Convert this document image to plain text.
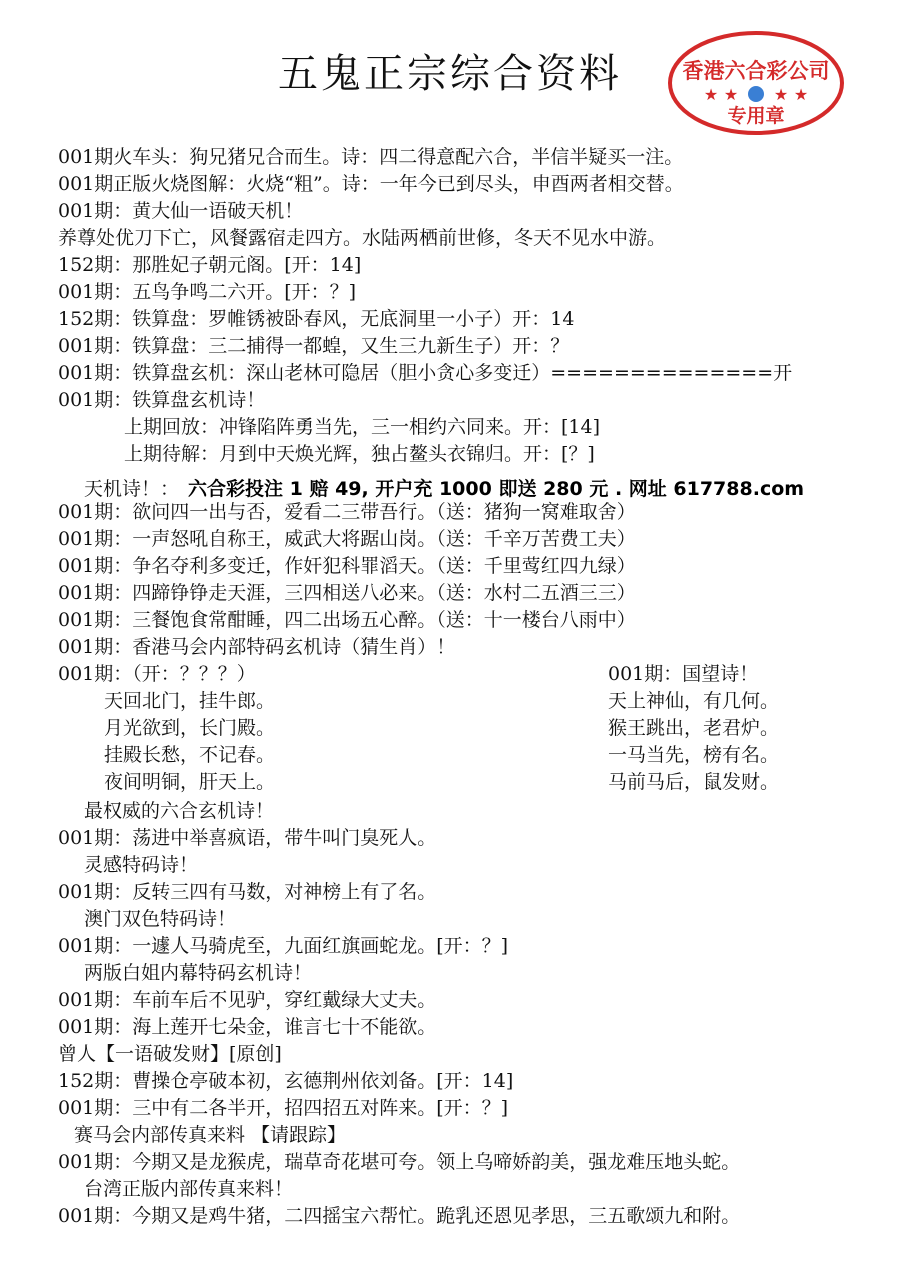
五鬼正宗综合资料	香港六合彩公司
★ ★ ★ ★
专用章
001期火车头：狗兄猪兄合而生。诗：四二得意配六合，半信半疑买一注。
001期正版火烧图解：火烧“粗”。诗：一年今已到尽头，申酉两者相交替。
001期：黄大仙一语破天机！
养尊处优刀下亡，风餐露宿走四方。水陆两栖前世修，冬天不见水中游。
152期：那胜妃子朝元阁。[开：14]
001期：五鸟争鸣二六开。[开：？]
152期：铁算盘：罗帷锈被卧春风，无底洞里一小子）开：14
001期：铁算盘：三二捕得一都蝗，又生三九新生子）开：？
001期：铁算盘玄机：深山老林可隐居（胆小贪心多变迁）==============开
001期：铁算盘玄机诗！
上期回放：冲锋陷阵勇当先，三一相约六同来。开：[14]
上期待解：月到中天焕光辉，独占鳌头衣锦归。开：[？]
天机诗！：
001期：欲问四一出与否，爱看二三带吾行。（送：猪狗一窝难取舍）
001期：一声怒吼自称王，威武大将踞山岗。（送：千辛万苦费工夫）
001期：争名夺利多变迁，作奸犯科罪滔天。（送：千里莺红四九绿）
001期：四蹄铮铮走天涯，三四相送八必来。（送：水村二五酒三三）
001期：三餐饱食常酣睡，四二出场五心醉。（送：十一楼台八雨中）
001期：香港马会内部特码玄机诗（猜生肖）！
001期：（开：？？？）
天回北门，挂牛郎。
月光欲到，长门殿。
挂殿长愁，不记春。
夜间明铜，肝天上。
最权威的六合玄机诗！
001期：荡进中举喜疯语，带牛叫门臭死人。
灵感特码诗！
001期：反转三四有马数，对神榜上有了名。
澳门双色特码诗！
001期：一遽人马骑虎至，九面红旗画蛇龙。[开：？]
两版白姐内幕特码玄机诗！
001期：车前车后不见驴，穿红戴绿大丈夫。
001期：海上莲开七朵金，谁言七十不能欲。
曾人【一语破发财】[原创]
152期：曹操仓亭破本初，玄德荆州依刘备。[开：14]
001期：三中有二各半开，招四招五对阵来。[开：？]
赛马会内部传真来料 【请跟踪】
001期：今期又是龙猴虎，瑞草奇花堪可夸。领上乌啼娇韵美，强龙难压地头蛇。
台湾正版内部传真来料！
001期：今期又是鸡牛猪，二四摇宝六帮忙。跪乳还恩见孝思，三五歌颂九和附。
001期：国望诗！
天上神仙，有几何。
猴王跳出，老君炉。
一马当先，榜有名。
马前马后，鼠发财。
六合彩投注 1 赔 49, 开户充 1000 即送 280 元 . 网址 617788.com
